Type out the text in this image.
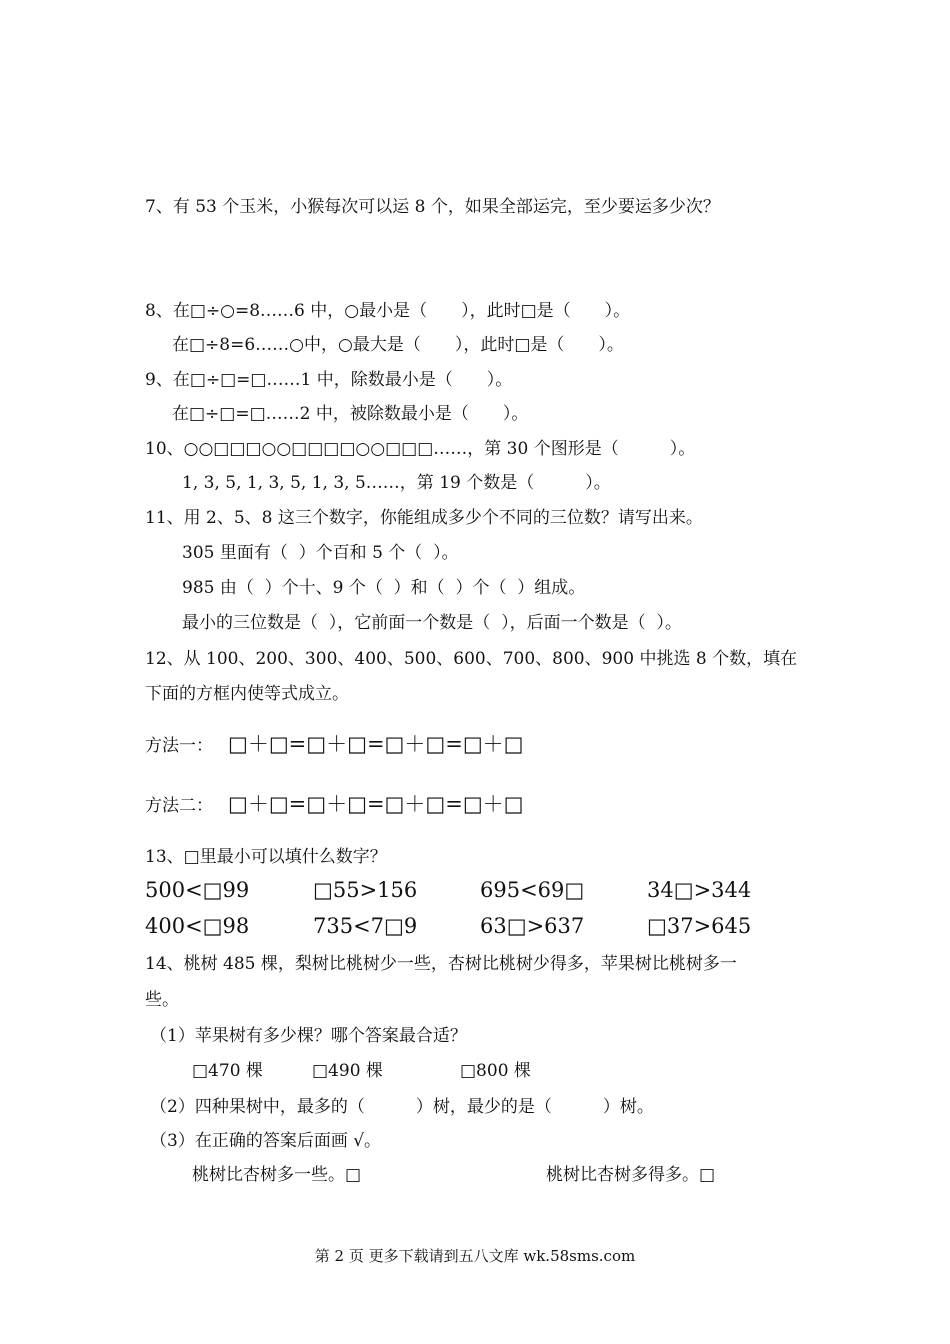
7、有 53 个玉米，小猴每次可以运 8 个，如果全部运完，至少要运多少次？
8、在□÷○=8……6 中，○最小是（　　），此时□是（　　）。
在□÷8=6……○中，○最大是（　　），此时□是（　　）。
9、在□÷□=□……1 中，除数最小是（　　）。
在□÷□=□……2 中，被除数最小是（　　）。
10、○○□□□○○□□□□○○□□□……，第 30 个图形是（　　　）。
1, 3, 5, 1, 3, 5, 1, 3, 5……，第 19 个数是（　　　）。
11、用 2、5、8 这三个数字，你能组成多少个不同的三位数？请写出来。
305 里面有（  ）个百和 5 个（  ）。
985 由（  ）个十、9 个（  ）和（  ）个（  ）组成。
最小的三位数是（  ），它前面一个数是（  ），后面一个数是（  ）。
12、从 100、200、300、400、500、600、700、800、900 中挑选 8 个数，填在
下面的方框内使等式成立。
方法一： □＋□=□＋□=□＋□=□＋□
方法二： □＋□=□＋□=□＋□=□＋□
13、□里最小可以填什么数字？
500<□99	□55>156	695<69□	34□>344
400<□98	735<7□9	63□>637	□37>645
14、桃树 485 棵，梨树比桃树少一些，杏树比桃树少得多，苹果树比桃树多一
些。
（1）苹果树有多少棵？哪个答案最合适？
□470 棵	□490 棵	□800 棵
（2）四种果树中，最多的（　　　）树，最少的是（　　　）树。
（3）在正确的答案后面画 √。
桃树比杏树多一些。□	桃树比杏树多得多。□
第 2 页 更多下载请到五八文库 wk.58sms.com
